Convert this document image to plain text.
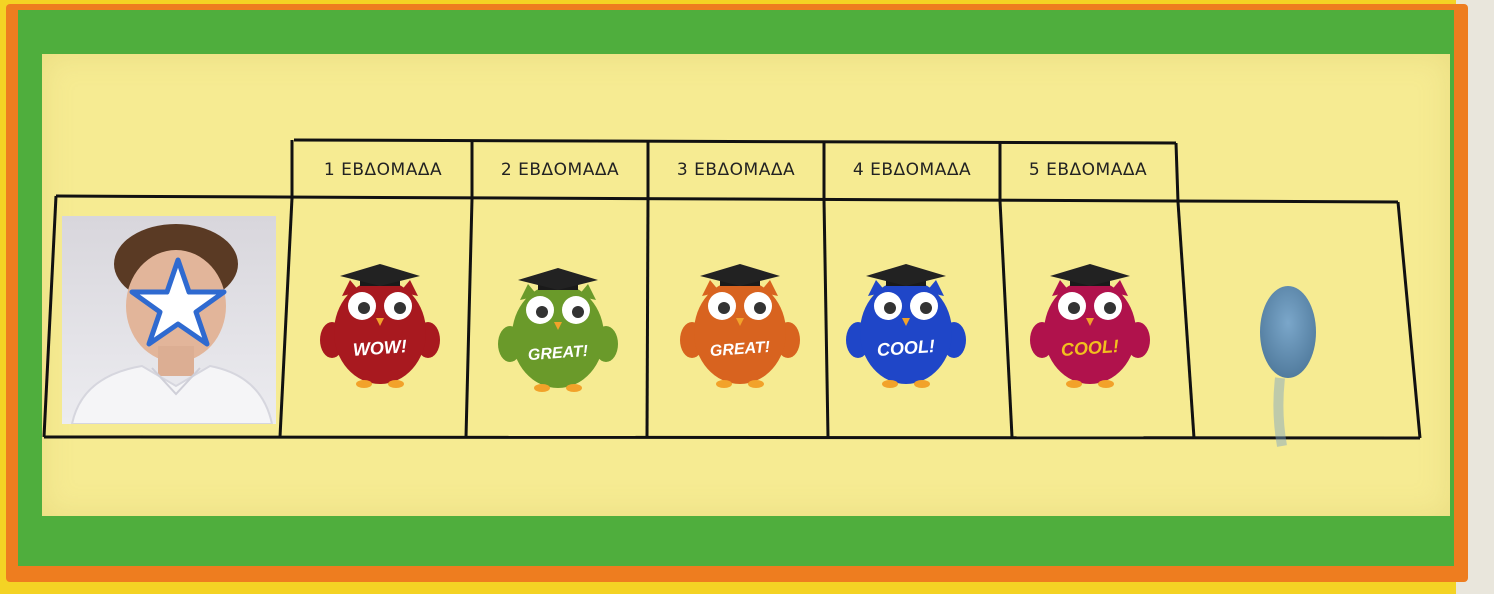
1 ΕΒΔΟΜΑΔΑ	2 ΕΒΔΟΜΑΔΑ	3 ΕΒΔΟΜΑΔΑ	4 ΕΒΔΟΜΑΔΑ	5 ΕΒΔΟΜΑΔΑ
WOW!	GREAT!	GREAT!	COOL!	COOL!
